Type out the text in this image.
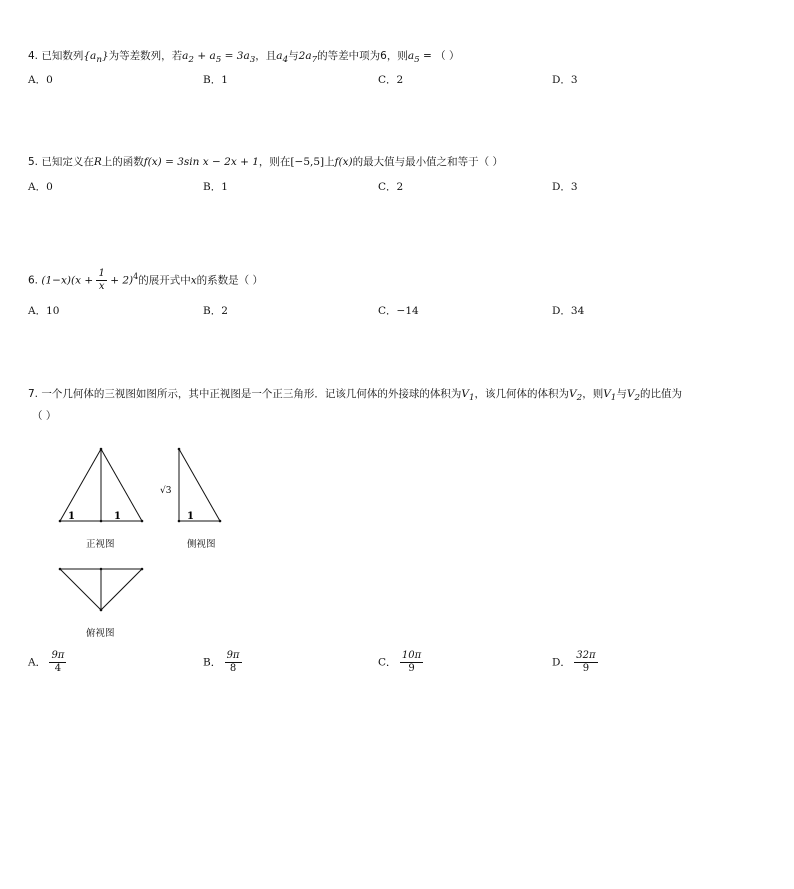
4. 已知数列$\{a_n\}$为等差数列，若$a_2 + a_5 = 3a_3$，且$a_4$与$2a_7$的等差中项为6，则$a_5$ = （ ）
A．0	B．1	C．2	D．3
5. 已知定义在R上的函数f(x) = 3sin x − 2x + 1，则在[−5,5]上f(x)的最大值与最小值之和等于（ ）
A．0	B．1	C．2	D．3
6. $(1-x)(x + \frac{1}{x} + 2)^4$的展开式中x的系数是（ ）
A．10	B．2	C．−14	D．34
7. 一个几何体的三视图如图所示，其中正视图是一个正三角形．记该几何体的外接球的体积为$V_1$，该几何体的体积为$V_2$，则$V_1$与$V_2$的比值为
（ ）
1	1
√3
1
正视图	侧视图
俯视图
A． $\frac{9\pi}{4}$	B． $\frac{9\pi}{8}$	C． $\frac{10\pi}{9}$	D． $\frac{32\pi}{9}$
